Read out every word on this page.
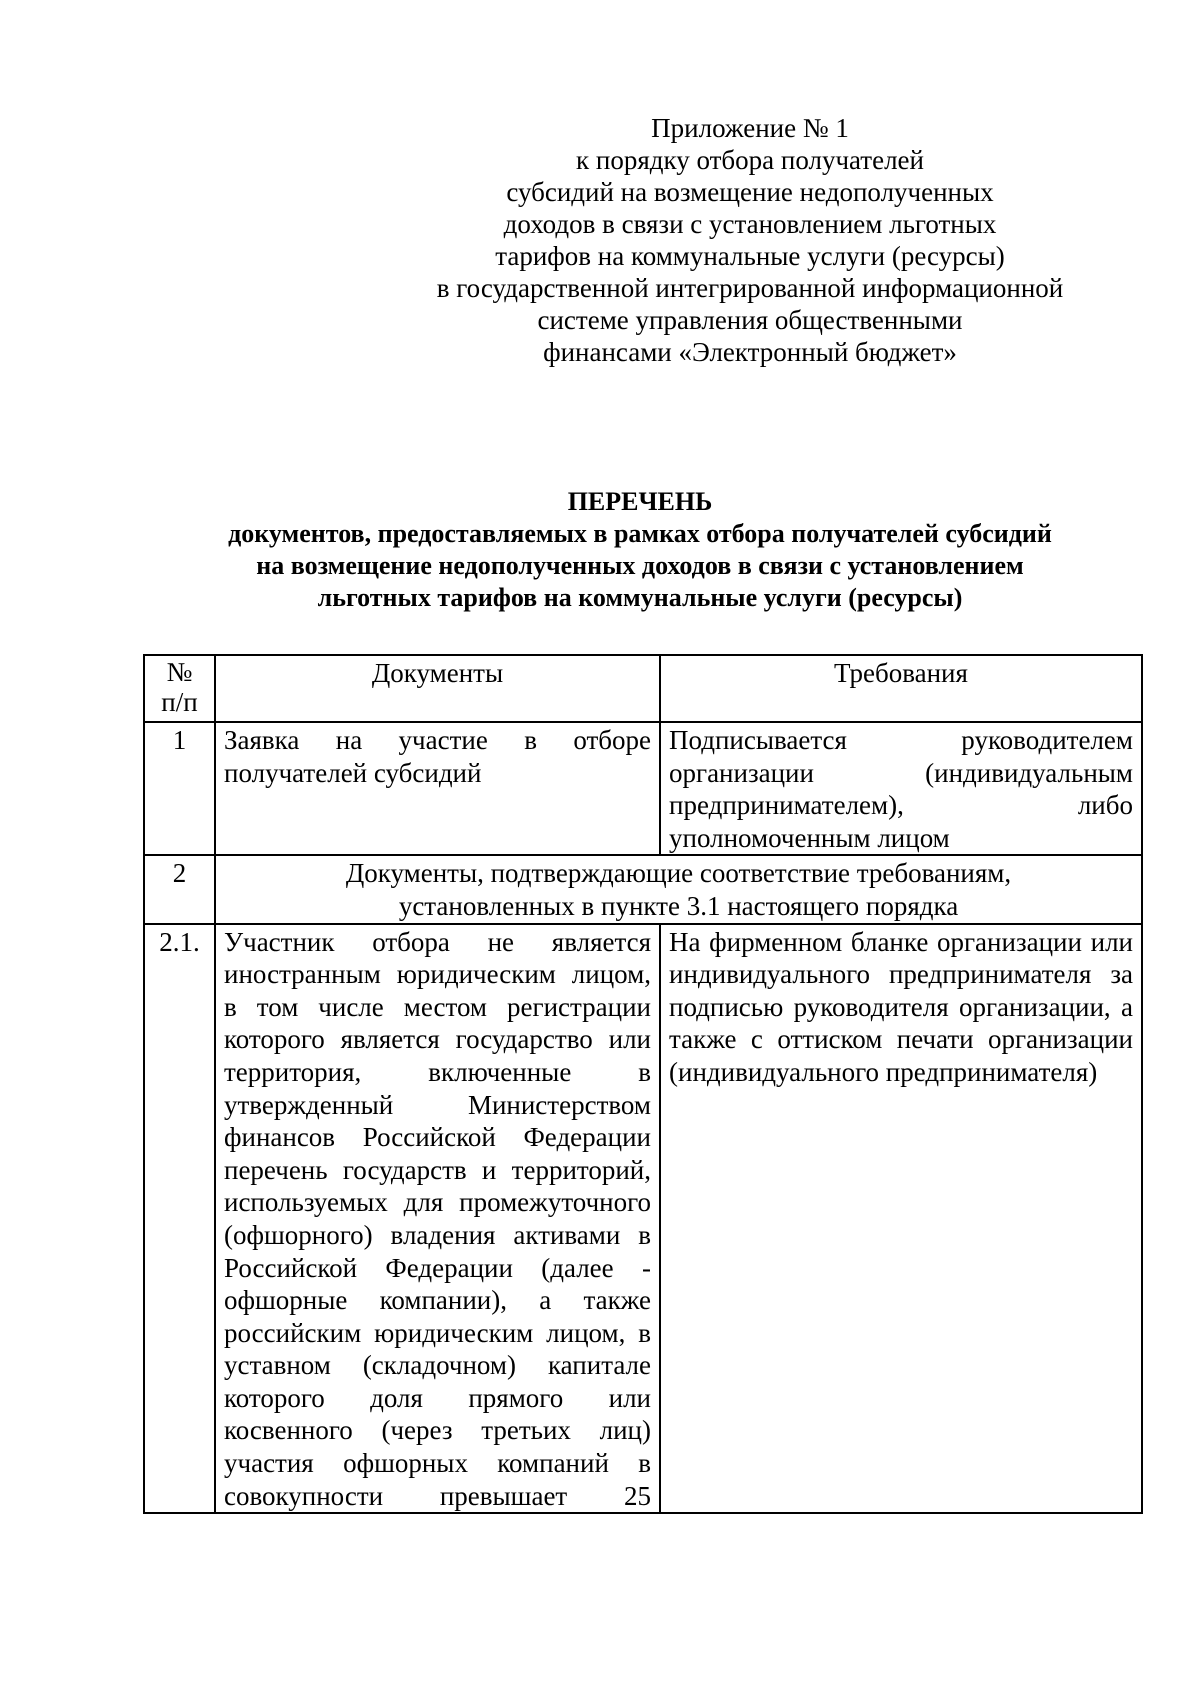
Приложение № 1
к порядку отбора получателей
субсидий на возмещение недополученных
доходов в связи с установлением льготных
тарифов на коммунальные услуги (ресурсы)
в государственной интегрированной информационной
системе управления общественными
финансами «Электронный бюджет»
ПЕРЕЧЕНЬ
документов, предоставляемых в рамках отбора получателей субсидий
на возмещение недополученных доходов в связи с установлением
льготных тарифов на коммунальные услуги (ресурсы)
№
п/п	Документы	Требования
1	Заявка на участие в отборе получателей субсидий	Подписывается руководителем организации (индивидуальным предпринимателем), либо уполномоченным лицом
2	Документы, подтверждающие соответствие требованиям,
установленных в пункте 3.1 настоящего порядка	

2.1.	Участник отбора не является иностранным юридическим лицом, в том числе местом регистрации которого является государство или территория, включенные в утвержденный Министерством финансов Российской Федерации перечень государств и территорий, используемых для промежуточного (офшорного) владения активами в Российской Федерации (далее - офшорные компании), а также российским юридическим лицом, в уставном (складочном) капитале которого доля прямого или косвенного (через третьих лиц) участия офшорных компаний в совокупности превышает 25	На фирменном бланке организации или индивидуального предпринимателя за подписью руководителя организации, а также с оттиском печати организации (индивидуального предпринимателя)
